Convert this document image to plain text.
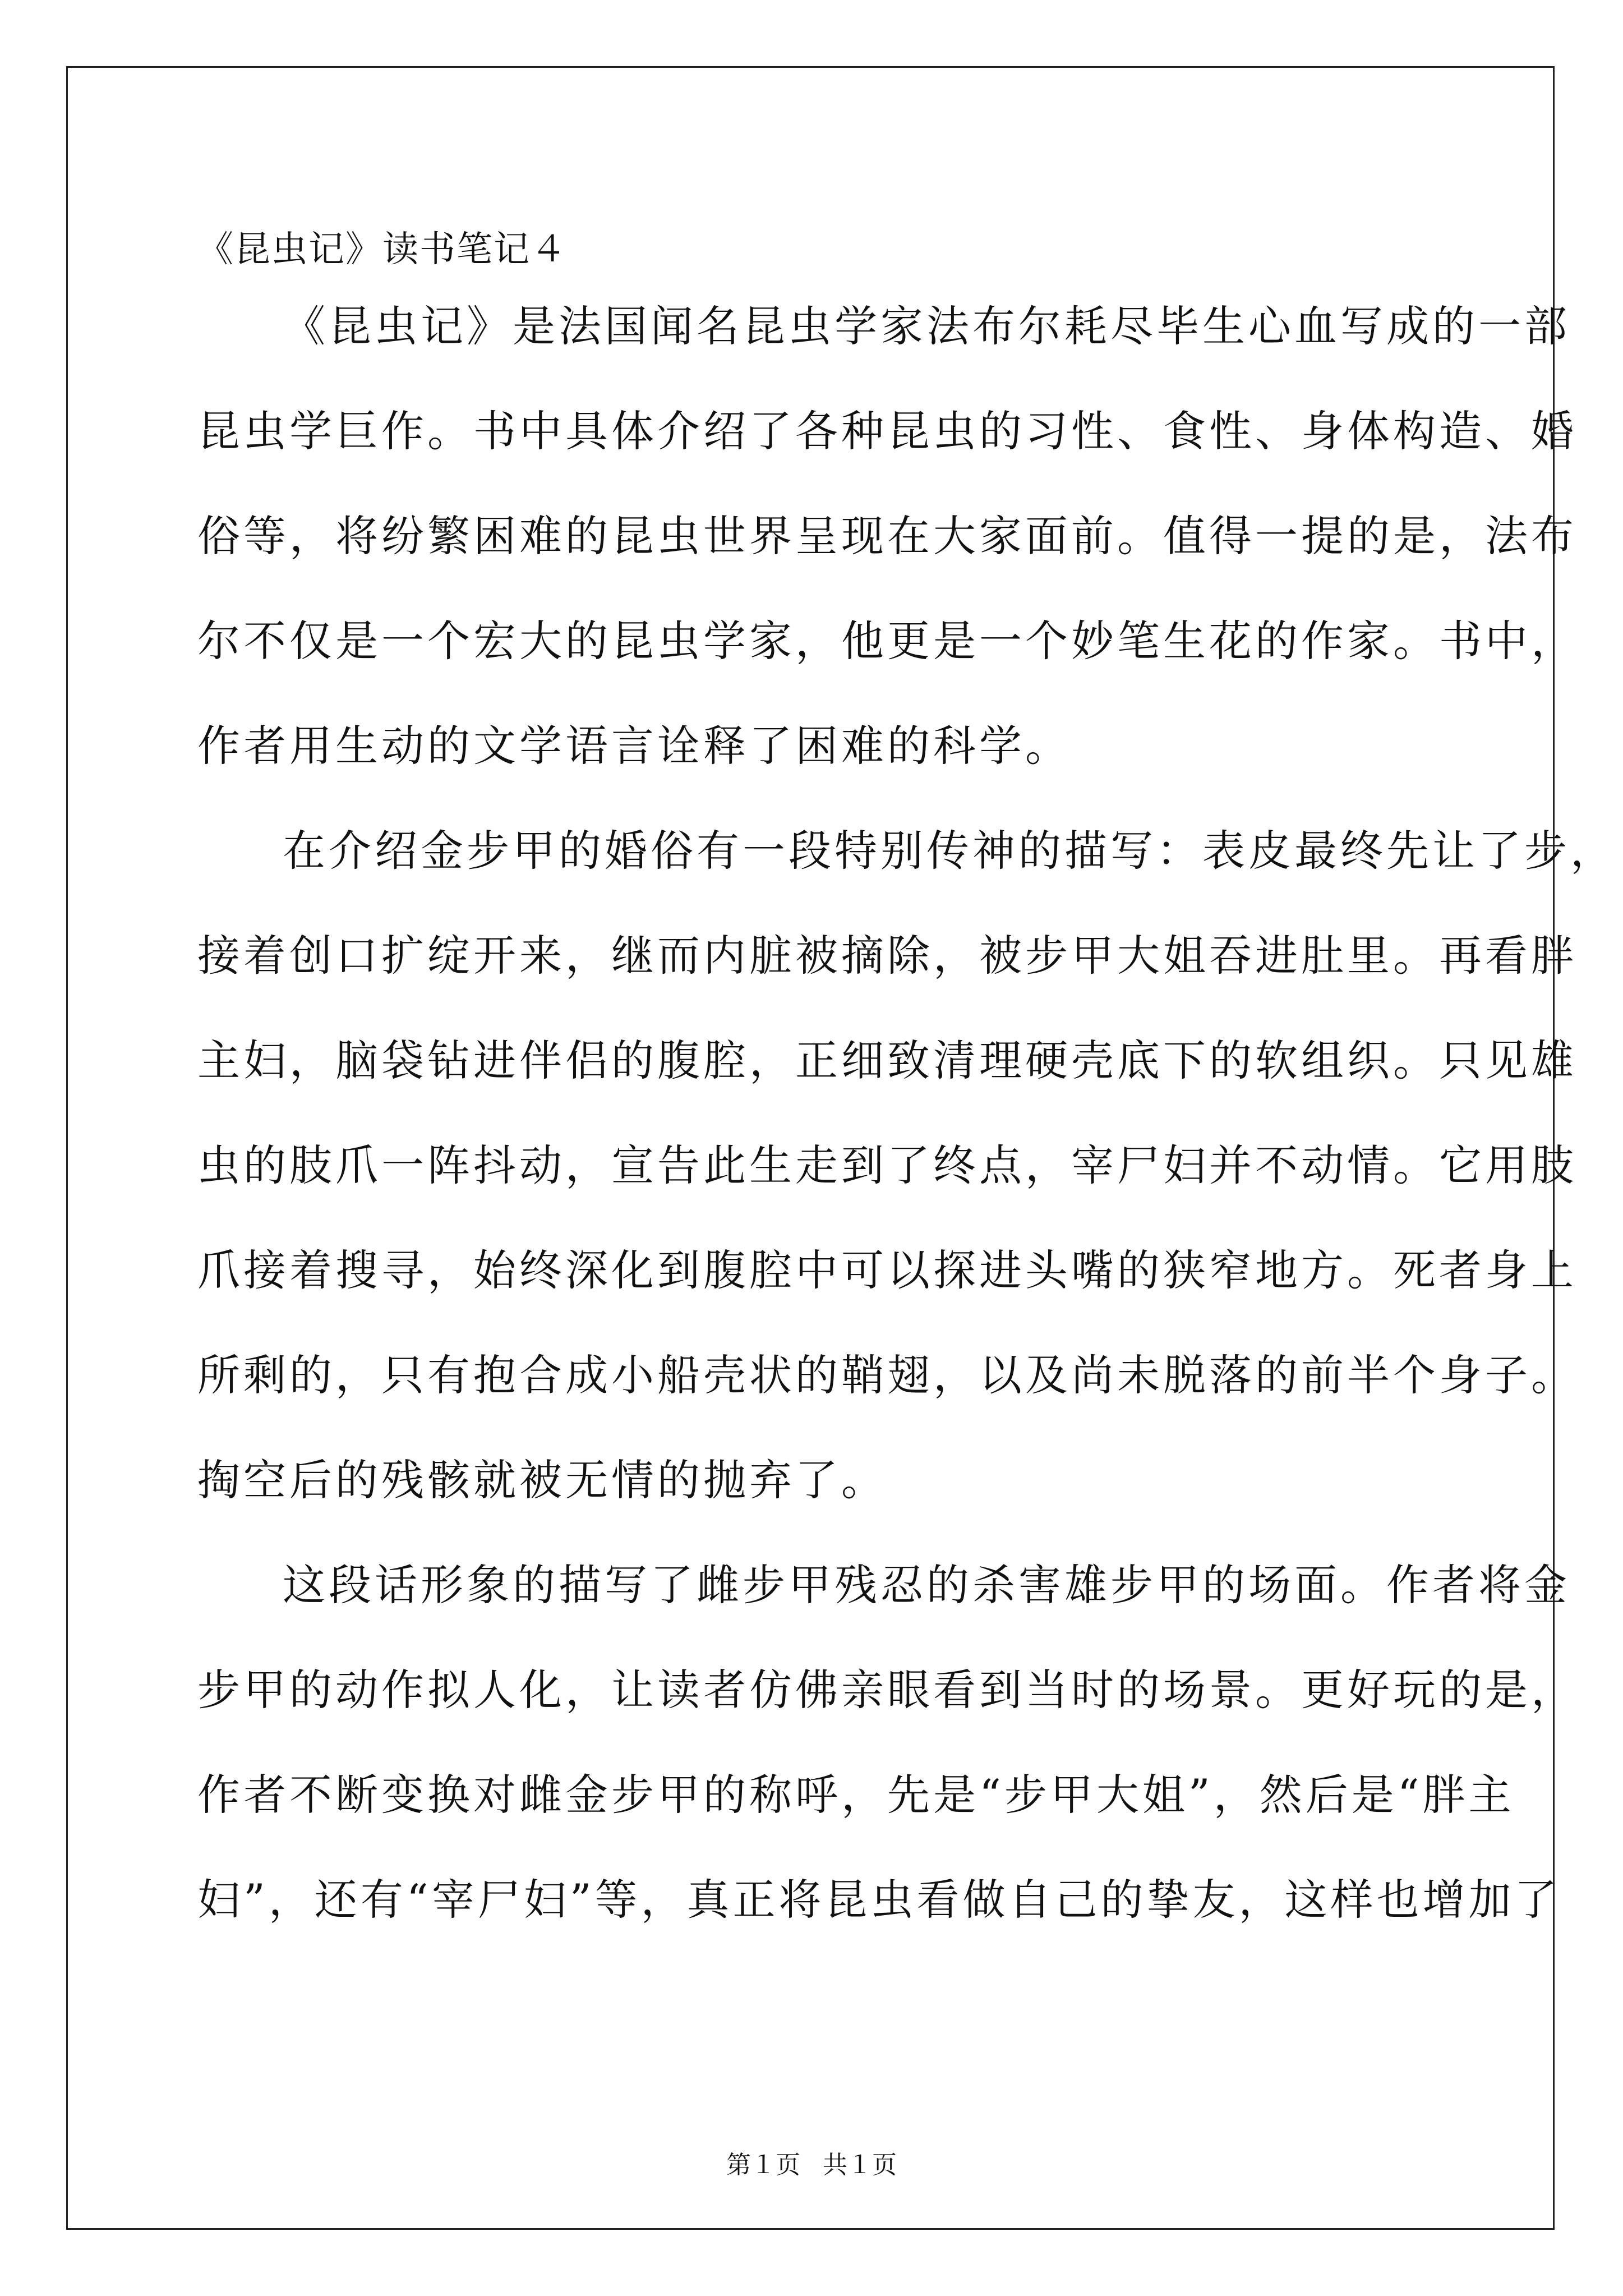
《昆虫记》读书笔记４
《昆虫记》是法国闻名昆虫学家法布尔耗尽毕生心血写成的一部
昆虫学巨作。书中具体介绍了各种昆虫的习性、食性、身体构造、婚
俗等，将纷繁困难的昆虫世界呈现在大家面前。值得一提的是，法布
尔不仅是一个宏大的昆虫学家，他更是一个妙笔生花的作家。书中，
作者用生动的文学语言诠释了困难的科学。
在介绍金步甲的婚俗有一段特别传神的描写：表皮最终先让了步，
接着创口扩绽开来，继而内脏被摘除，被步甲大姐吞进肚里。再看胖
主妇，脑袋钻进伴侣的腹腔，正细致清理硬壳底下的软组织。只见雄
虫的肢爪一阵抖动，宣告此生走到了终点，宰尸妇并不动情。它用肢
爪接着搜寻，始终深化到腹腔中可以探进头嘴的狭窄地方。死者身上
所剩的，只有抱合成小船壳状的鞘翅，以及尚未脱落的前半个身子。
掏空后的残骸就被无情的抛弃了。
这段话形象的描写了雌步甲残忍的杀害雄步甲的场面。作者将金
步甲的动作拟人化，让读者仿佛亲眼看到当时的场景。更好玩的是，
作者不断变换对雌金步甲的称呼，先是“步甲大姐”，然后是“胖主
妇”，还有“宰尸妇”等，真正将昆虫看做自己的挚友，这样也增加了
第１页 共１页
